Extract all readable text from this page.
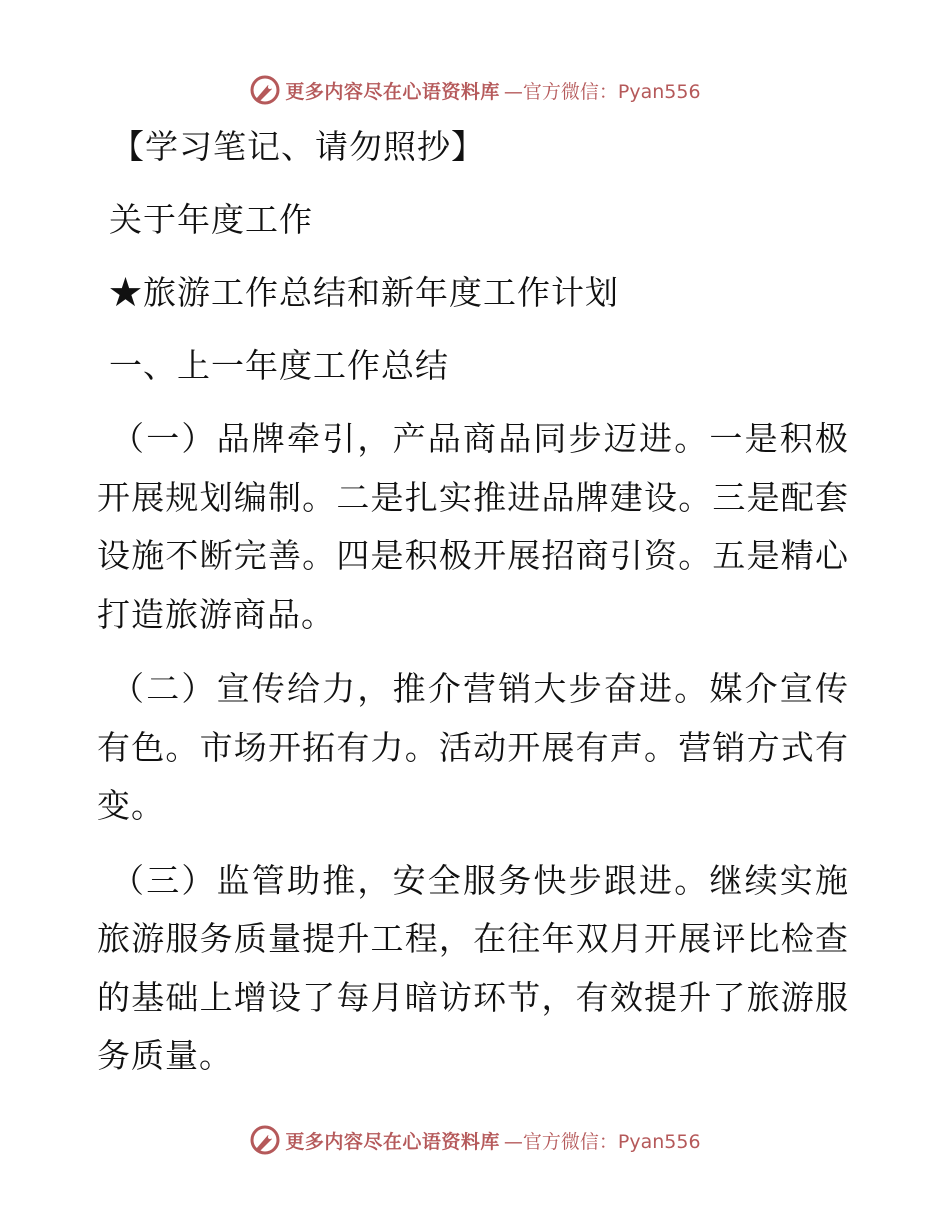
更多内容尽在心语资料库 —官方微信：Pyan556

【学习笔记、请勿照抄】

关于年度工作

★旅游工作总结和新年度工作计划

一、上一年度工作总结

（一）品牌牵引，产品商品同步迈进。一是积极开展规划编制。二是扎实推进品牌建设。三是配套设施不断完善。四是积极开展招商引资。五是精心打造旅游商品。

（二）宣传给力，推介营销大步奋进。媒介宣传有色。市场开拓有力。活动开展有声。营销方式有变。

（三）监管助推，安全服务快步跟进。继续实施旅游服务质量提升工程，在往年双月开展评比检查的基础上增设了每月暗访环节，有效提升了旅游服务质量。

更多内容尽在心语资料库 —官方微信：Pyan556
